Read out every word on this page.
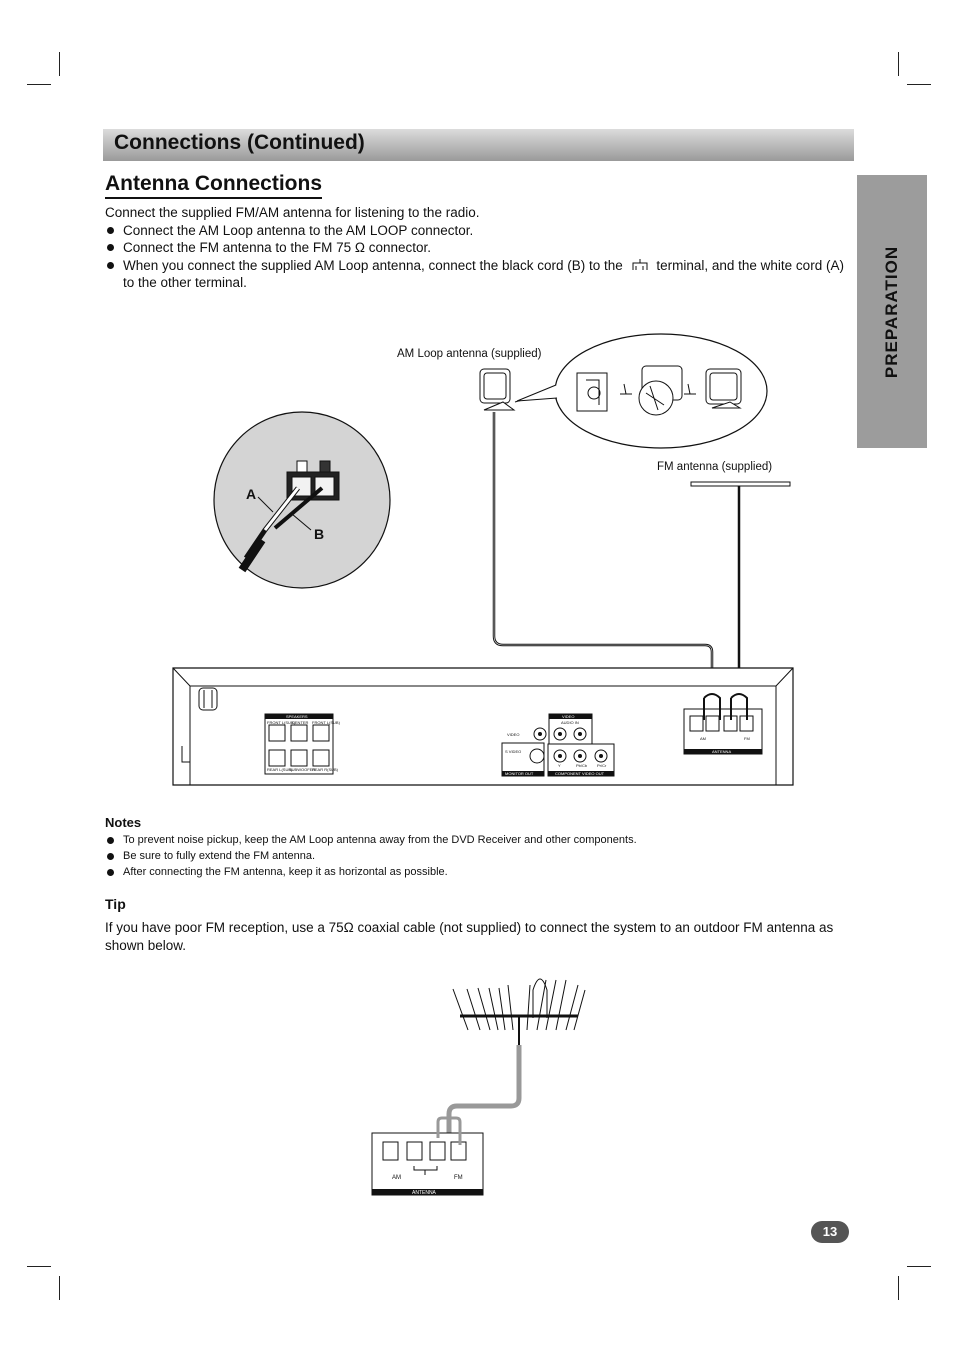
Connections (Continued)
Antenna Connections
PREPARATION

Connect the supplied FM/AM antenna for listening to the radio.

Connect the AM Loop antenna to the AM LOOP connector.
Connect the FM antenna to the FM 75 Ω connector.
When you connect the supplied AM Loop antenna, connect the black cord (B) to the terminal, and the white cord (A) to the other terminal.
SPEAKERS
FRONT L(SUB)
CENTER FRONT L(SUB)
REAR L(SUB)
SUBWOOFER
REAR R(SUB)
VIDEO
AUDIO IN
VIDEO
S VIDEO
MONITOR OUT
Y	Pb/Cb Pr/Cr
COMPONENT VIDEO OUT
AM	FM
ANTENNA
AM	FM
ANTENNA
AM Loop antenna (supplied)
FM antenna (supplied)
A
B
Notes
To prevent noise pickup, keep the AM Loop antenna away from the DVD Receiver and other components.
Be sure to fully extend the FM antenna.
After connecting the FM antenna, keep it as horizontal as possible.
Tip

If you have poor FM reception, use a 75Ω coaxial cable (not supplied) to connect the system to an outdoor FM antenna as shown below.

13
